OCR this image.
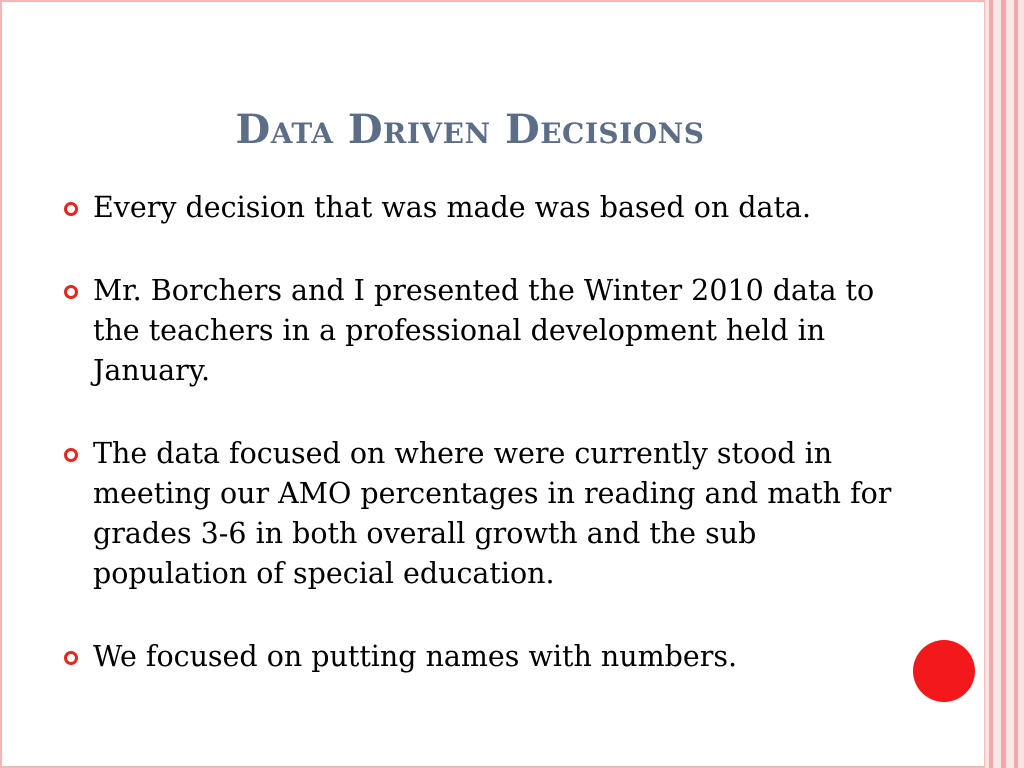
Data Driven Decisions
Every decision that was made was based on data.
Mr. Borchers and I presented the Winter 2010 data to the teachers in a professional development held in January.
The data focused on where were currently stood in meeting our AMO percentages in reading and math for grades 3-6 in both overall growth and the sub population of special education.
We focused on putting names with numbers.
